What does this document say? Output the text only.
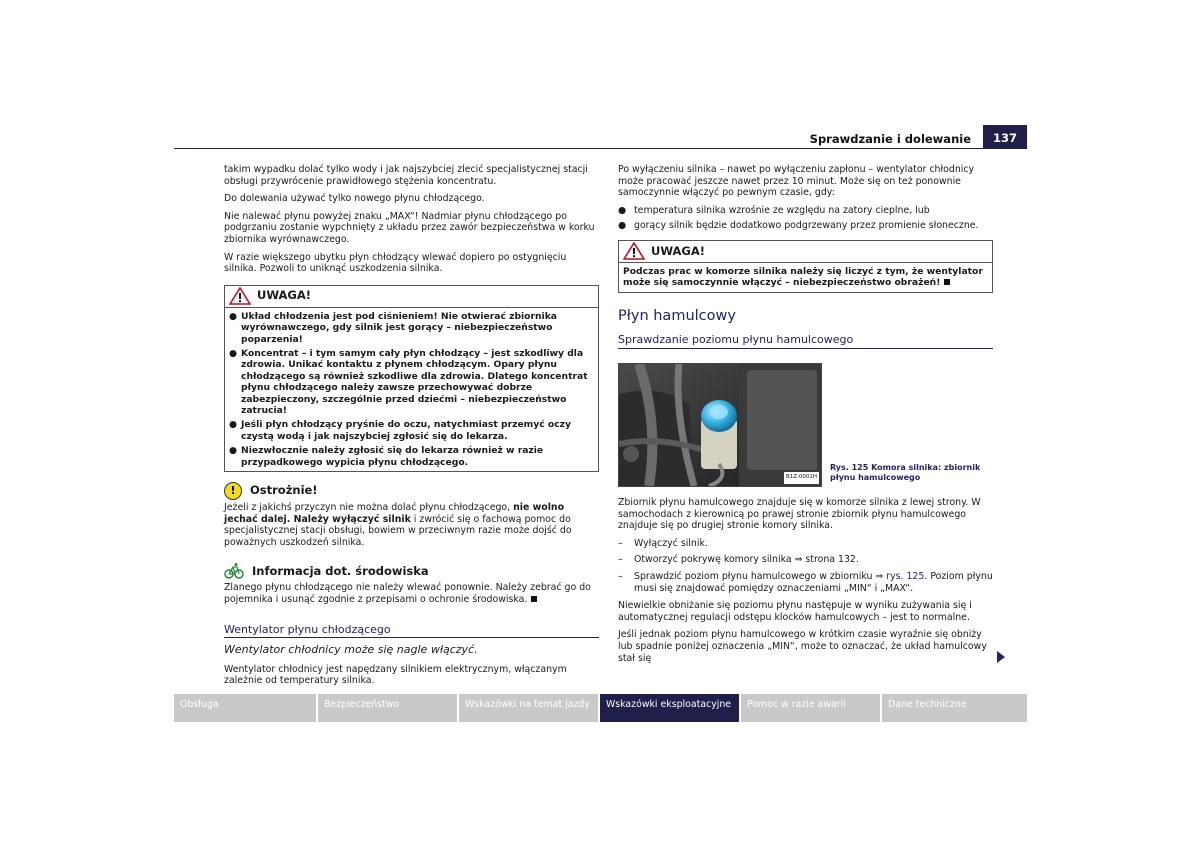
Sprawdzanie i dolewanie	137

takim wypadku dolać tylko wody i jak najszybciej zlecić specjalistycznej stacji obsługi przywrócenie prawidłowego stężenia koncentratu.

Do dolewania używać tylko nowego płynu chłodzącego.

Nie nalewać płynu powyżej znaku „MAX“! Nadmiar płynu chłodzącego po podgrzaniu zostanie wypchnięty z układu przez zawór bezpieczeństwa w korku zbiornika wyrównawczego.

W razie większego ubytku płyn chłodzący wlewać dopiero po ostygnięciu silnika. Pozwoli to uniknąć uszkodzenia silnika.

UWAGA!
● Układ chłodzenia jest pod ciśnieniem! Nie otwierać zbiornika wyrównawczego, gdy silnik jest gorący – niebezpieczeństwo poparzenia!
● Koncentrat – i tym samym cały płyn chłodzący – jest szkodliwy dla zdrowia. Unikać kontaktu z płynem chłodzącym. Opary płynu chłodzącego są również szkodliwe dla zdrowia. Dlatego koncentrat płynu chłodzącego należy zawsze przechowywać dobrze zabezpieczony, szczególnie przed dziećmi – niebezpieczeństwo zatrucia!
● Jeśli płyn chłodzący pryśnie do oczu, natychmiast przemyć oczy czystą wodą i jak najszybciej zgłosić się do lekarza.
● Niezwłocznie należy zgłosić się do lekarza również w razie przypadkowego wypicia płynu chłodzącego.
!	Ostrożnie!

Jeżeli z jakichś przyczyn nie można dolać płynu chłodzącego, nie wolno jechać dalej. Należy wyłączyć silnik i zwrócić się o fachową pomoc do specjalistycznej stacji obsługi, bowiem w przeciwnym razie może dojść do poważnych uszkodzeń silnika.

Informacja dot. środowiska

Zlanego płynu chłodzącego nie należy wlewać ponownie. Należy zebrać go do pojemnika i usunąć zgodnie z przepisami o ochronie środowiska.

Wentylator płynu chłodzącego
Wentylator chłodnicy może się nagle włączyć.

Wentylator chłodnicy jest napędzany silnikiem elektrycznym, włączanym zależnie od temperatury silnika.

Po wyłączeniu silnika – nawet po wyłączeniu zapłonu – wentylator chłodnicy może pracować jeszcze nawet przez 10 minut. Może się on też ponownie samoczynnie włączyć po pewnym czasie, gdy:

● temperatura silnika wzrośnie ze względu na zatory cieplne, lub
● gorący silnik będzie dodatkowo podgrzewany przez promienie słoneczne.
UWAGA!
Podczas prac w komorze silnika należy się liczyć z tym, że wentylator może się samoczynnie włączyć – niebezpieczeństwo obrażeń!
Płyn hamulcowy
Sprawdzanie poziomu płynu hamulcowego
B1Z-0001H
Rys. 125 Komora silnika: zbiornik płynu hamulcowego

Zbiornik płynu hamulcowego znajduje się w komorze silnika z lewej strony. W samochodach z kierownicą po prawej stronie zbiornik płynu hamulcowego znajduje się po drugiej stronie komory silnika.

–	Wyłączyć silnik.
–	Otworzyć pokrywę komory silnika ⇒ strona 132.
–	Sprawdzić poziom płynu hamulcowego w zbiorniku ⇒ rys. 125. Poziom płynu musi się znajdować pomiędzy oznaczeniami „MIN“ i „MAX“.

Niewielkie obniżanie się poziomu płynu następuje w wyniku zużywania się i automatycznej regulacji odstępu klocków hamulcowych – jest to normalne.

Jeśli jednak poziom płynu hamulcowego w krótkim czasie wyraźnie się obniży lub spadnie poniżej oznaczenia „MIN“, może to oznaczać, że układ hamulcowy stał się

Obsługa	Bezpieczeństwo	Wskazówki na temat jazdy	Wskazówki eksploatacyjne	Pomoc w razie awarii	Dane techniczne
